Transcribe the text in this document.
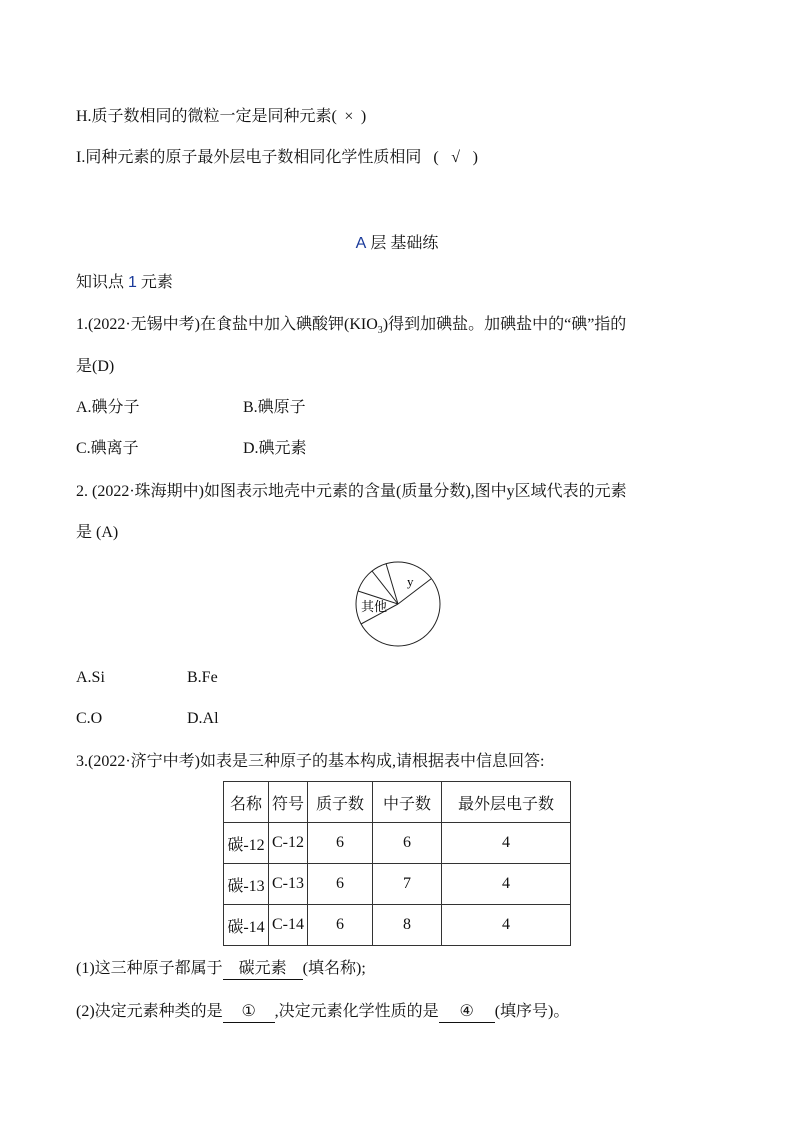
H.质子数相同的微粒一定是同种元素( × )
I.同种元素的原子最外层电子数相同化学性质相同 ( √ )
A 层 基础练
知识点 1 元素
1.(2022·无锡中考)在食盐中加入碘酸钾$(KIO_3)$得到加碘盐。加碘盐中的“碘”指的
是(D)
A.碘分子	B.碘原子
C.碘离子	D.碘元素
2. (2022·珠海期中)如图表示地壳中元素的含量(质量分数),图中y区域代表的元素
是 (A)
y
其他
A.Si	B.Fe
C.O	D.Al
3.(2022·济宁中考)如表是三种原子的基本构成,请根据表中信息回答:
名称	符号	质子数	中子数	最外层电子数
碳-12	C-12	6	6	4
碳-13	C-13	6	7	4
碳-14	C-14	6	8	4
(1)这三种原子都属于 碳元素 (填名称);
(2)决定元素种类的是 ① ,决定元素化学性质的是 ④ (填序号)。
